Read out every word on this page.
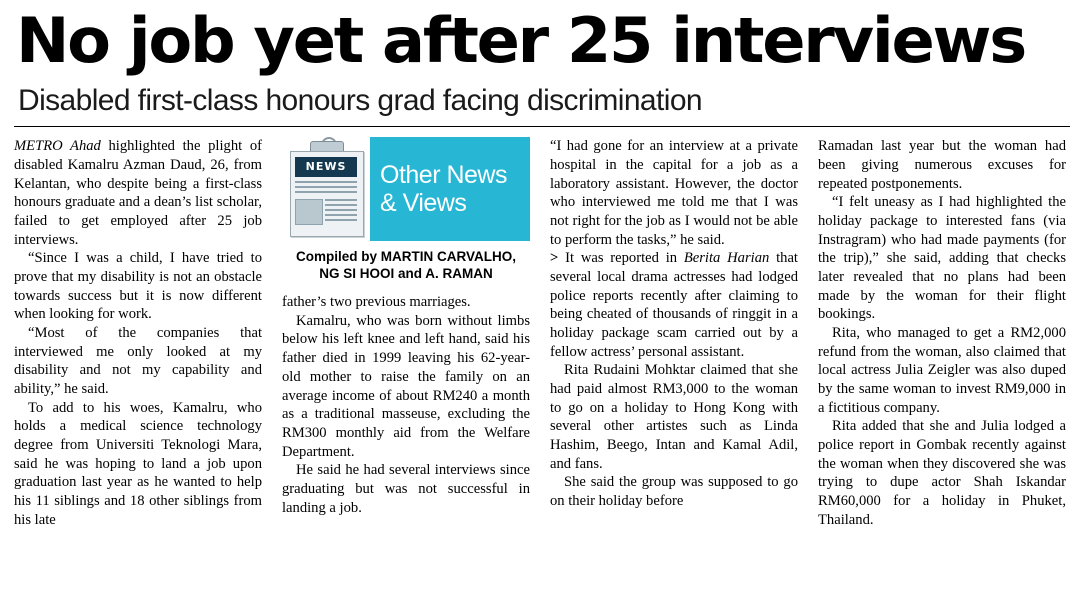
No job yet after 25 interviews
Disabled first-class honours grad facing discrimination

METRO Ahad highlighted the plight of disabled Kamalru Azman Daud, 26, from Kelantan, who despite being a first-class honours graduate and a dean’s list scholar, failed to get employed after 25 job interviews.

“Since I was a child, I have tried to prove that my disability is not an obstacle towards success but it is now different when looking for work.

“Most of the companies that interviewed me only looked at my disability and not my capability and ability,” he said.

To add to his woes, Kamalru, who holds a medical science technology degree from Universiti Teknologi Mara, said he was hoping to land a job upon graduation last year as he wanted to help his 11 siblings and 18 other siblings from his late

NEWS	Other News
& Views
Compiled by MARTIN CARVALHO,
NG SI HOOI and A. RAMAN

father’s two previous marriages.

Kamalru, who was born without limbs below his left knee and left hand, said his father died in 1999 leaving his 62-year-old mother to raise the family on an average income of about RM240 a month as a traditional masseuse, excluding the RM300 monthly aid from the Welfare Department.

He said he had several interviews since graduating but was not successful in landing a job.

“I had gone for an interview at a private hospital in the capital for a job as a laboratory assistant. However, the doctor who interviewed me told me that I was not right for the job as I would not be able to perform the tasks,” he said.

> It was reported in Berita Harian that several local drama actresses had lodged police reports recently after claiming to being cheated of thousands of ringgit in a holiday package scam carried out by a fellow actress’ personal assistant.

Rita Rudaini Mohktar claimed that she had paid almost RM3,000 to the woman to go on a holiday to Hong Kong with several other artistes such as Linda Hashim, Beego, Intan and Kamal Adil, and fans.

She said the group was supposed to go on their holiday before

Ramadan last year but the woman had been giving numerous excuses for repeated postponements.

“I felt uneasy as I had highlighted the holiday package to interested fans (via Instragram) who had made payments (for the trip),” she said, adding that checks later revealed that no plans had been made by the woman for their flight bookings.

Rita, who managed to get a RM2,000 refund from the woman, also claimed that local actress Julia Zeigler was also duped by the same woman to invest RM9,000 in a fictitious company.

Rita added that she and Julia lodged a police report in Gombak recently against the woman when they discovered she was trying to dupe actor Shah Iskandar RM60,000 for a holiday in Phuket, Thailand.
